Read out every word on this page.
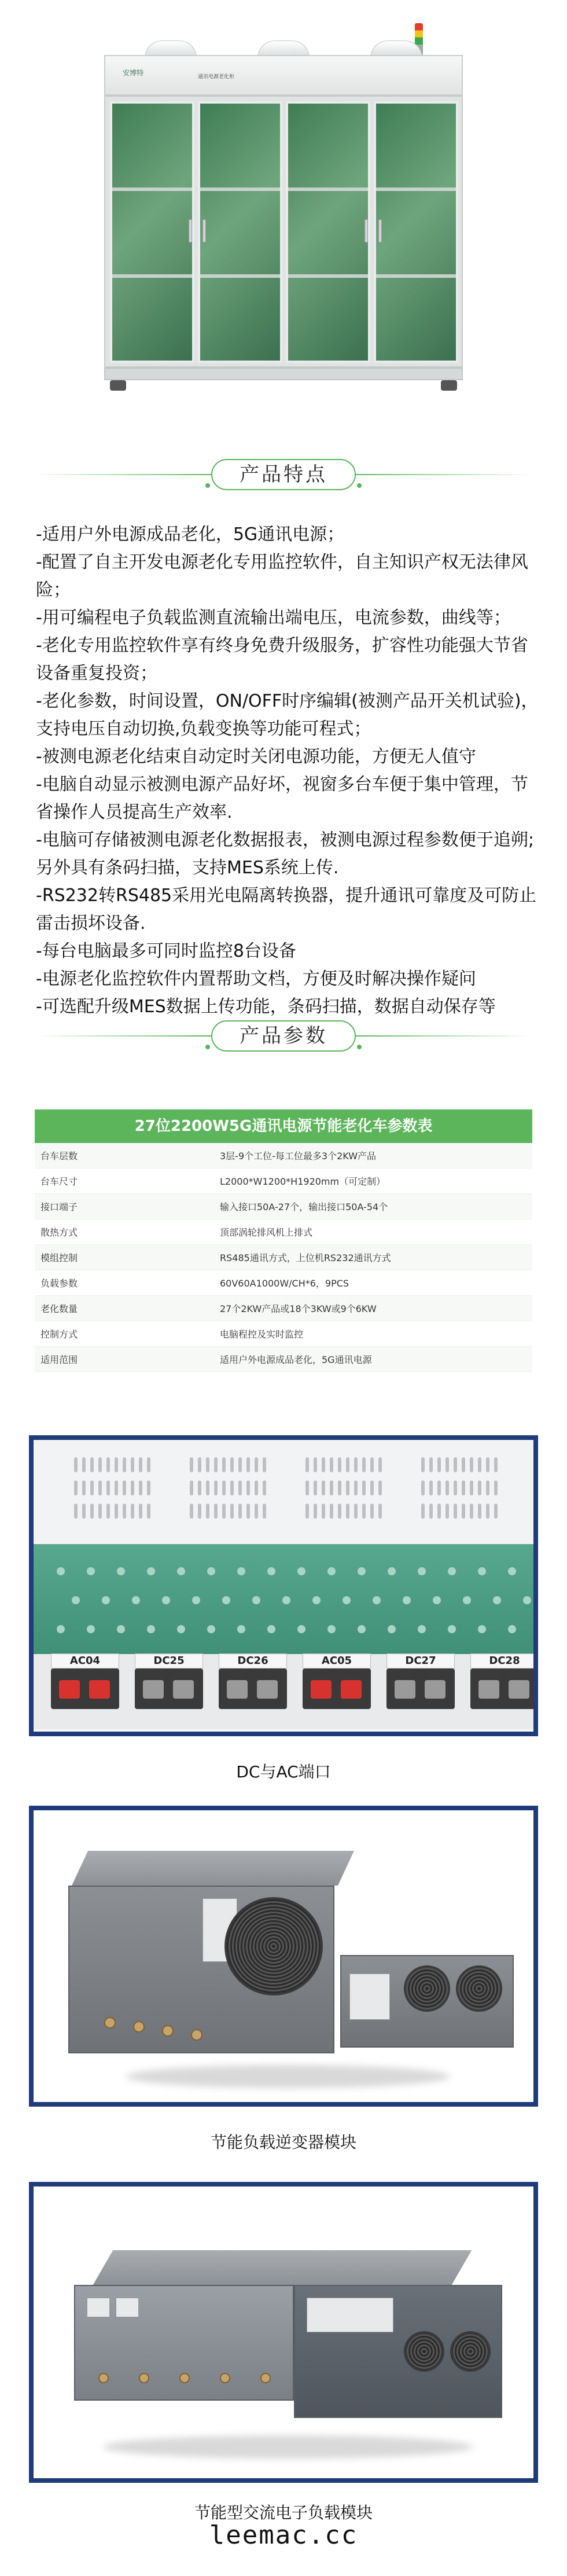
安博特	通讯电源老化柜
产品特点
-适用户外电源成品老化，5G通讯电源；
-配置了自主开发电源老化专用监控软件，自主知识产权无法律风险；
-用可编程电子负载监测直流输出端电压，电流参数，曲线等；
-老化专用监控软件享有终身免费升级服务，扩容性功能强大节省设备重复投资；
-老化参数，时间设置，ON/OFF时序编辑(被测产品开关机试验)，支持电压自动切换,负载变换等功能可程式；
-被测电源老化结束自动定时关闭电源功能，方便无人值守
-电脑自动显示被测电源产品好坏，视窗多台车便于集中管理，节省操作人员提高生产效率.
-电脑可存储被测电源老化数据报表，被测电源过程参数便于追朔;另外具有条码扫描，支持MES系统上传.
-RS232转RS485采用光电隔离转换器，提升通讯可靠度及可防止雷击损坏设备.
-每台电脑最多可同时监控8台设备
-电源老化监控软件内置帮助文档，方便及时解决操作疑问
-可选配升级MES数据上传功能，条码扫描，数据自动保存等
产品参数
27位2200W5G通讯电源节能老化车参数表
台车层数	3层-9个工位-每工位最多3个2KW产品
台车尺寸	L2000*W1200*H1920mm（可定制）
接口端子	输入接口50A-27个，输出接口50A-54个
散热方式	顶部涡轮排风机上排式
模组控制	RS485通讯方式，上位机RS232通讯方式
负载参数	60V60A1000W/CH*6，9PCS
老化数量	27个2KW产品或18个3KW或9个6KW
控制方式	电脑程控及实时监控
适用范围	适用户外电源成品老化，5G通讯电源
AC04	DC25	DC26	AC05	DC27	DC28
DC与AC端口
节能负载逆变器模块
节能型交流电子负载模块
leemac.cc
